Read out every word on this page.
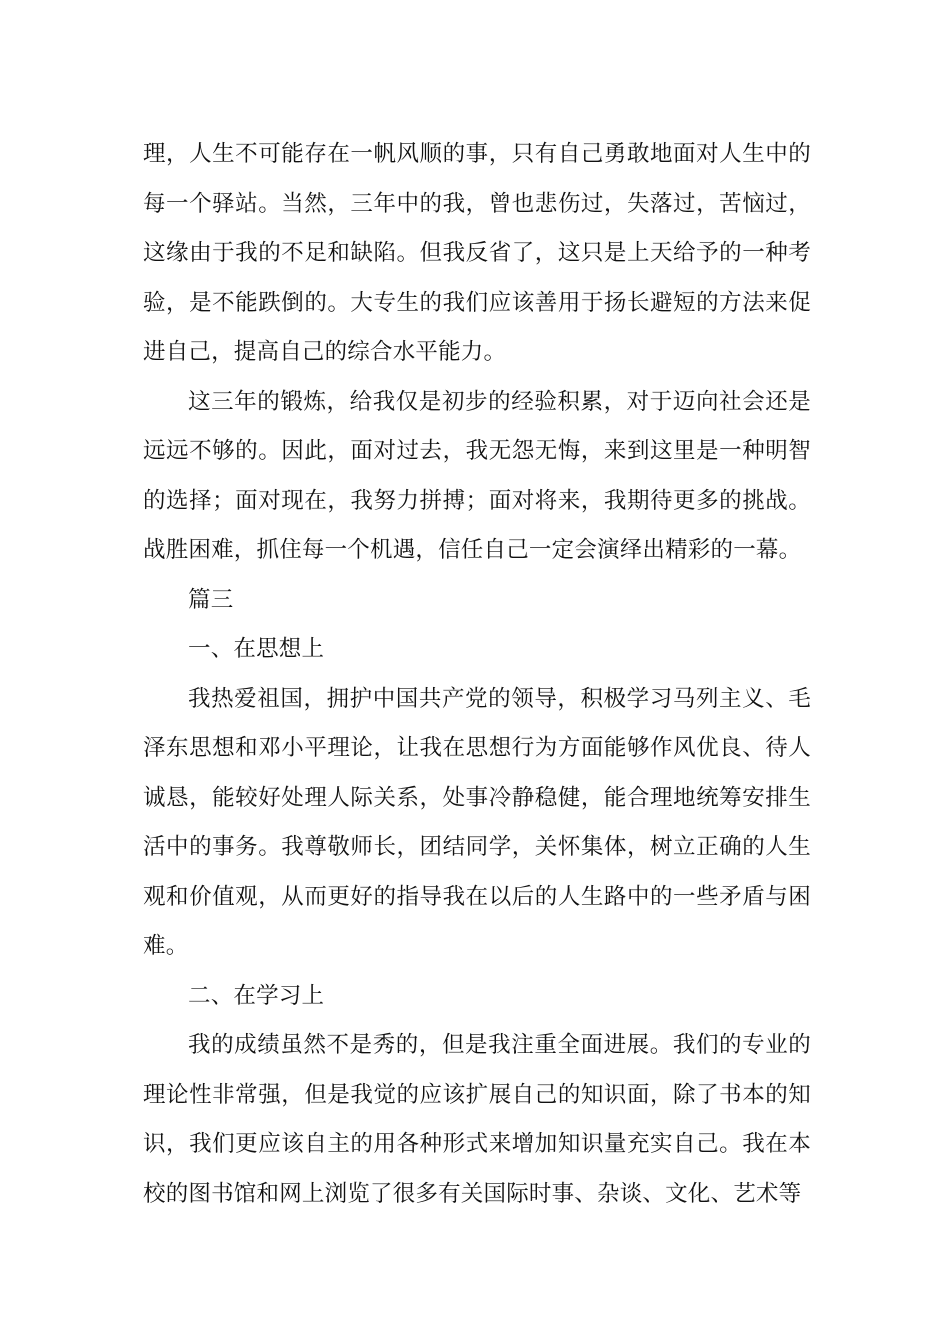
理，人生不可能存在一帆风顺的事，只有自己勇敢地面对人生中的每一个驿站。当然，三年中的我，曾也悲伤过，失落过，苦恼过，这缘由于我的不足和缺陷。但我反省了，这只是上天给予的一种考验，是不能跌倒的。大专生的我们应该善用于扬长避短的方法来促进自己，提高自己的综合水平能力。

这三年的锻炼，给我仅是初步的经验积累，对于迈向社会还是远远不够的。因此，面对过去，我无怨无悔，来到这里是一种明智的选择；面对现在，我努力拼搏；面对将来，我期待更多的挑战。战胜困难，抓住每一个机遇，信任自己一定会演绎出精彩的一幕。

篇三

一、在思想上

我热爱祖国，拥护中国共产党的领导，积极学习马列主义、毛泽东思想和邓小平理论，让我在思想行为方面能够作风优良、待人诚恳，能较好处理人际关系，处事冷静稳健，能合理地统筹安排生活中的事务。我尊敬师长，团结同学，关怀集体，树立正确的人生观和价值观，从而更好的指导我在以后的人生路中的一些矛盾与困难。

二、在学习上

我的成绩虽然不是秀的，但是我注重全面进展。我们的专业的理论性非常强，但是我觉的应该扩展自己的知识面，除了书本的知识，我们更应该自主的用各种形式来增加知识量充实自己。我在本校的图书馆和网上浏览了很多有关国际时事、杂谈、文化、艺术等
